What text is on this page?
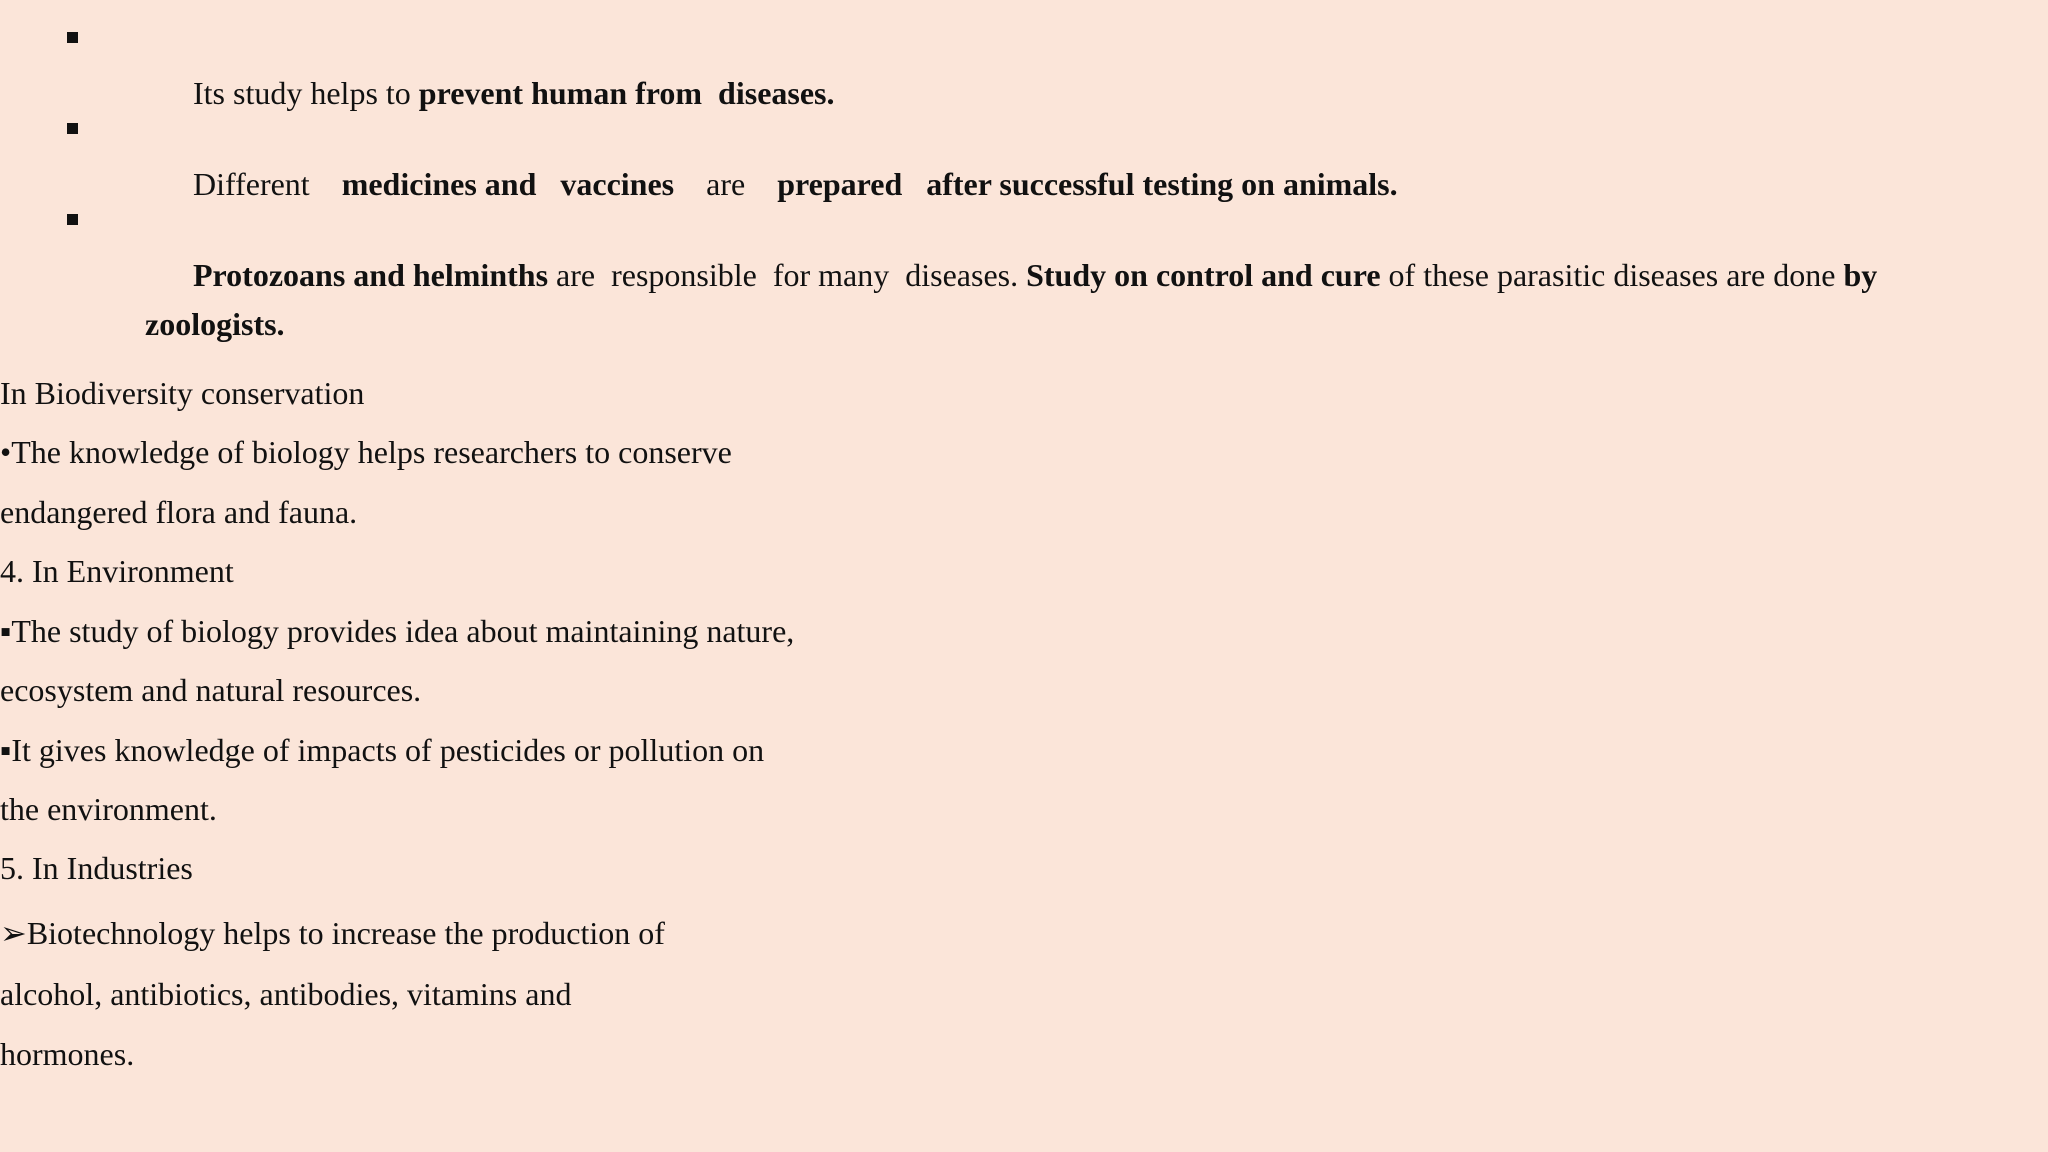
Its study helps to prevent human from  diseases.

Different    medicines and   vaccines    are    prepared   after successful testing on animals.

Protozoans and helminths are  responsible  for many  diseases. Study on control and cure of these parasitic diseases are done by zoologists.

In Biodiversity conservation
•The knowledge of biology helps researchers to conserve
endangered flora and fauna.
4. In Environment
▪The study of biology provides idea about maintaining nature,
ecosystem and natural resources.
▪It gives knowledge of impacts of pesticides or pollution on
the environment.
5. In Industries
➢Biotechnology helps to increase the production of
alcohol, antibiotics, antibodies, vitamins and
hormones.
